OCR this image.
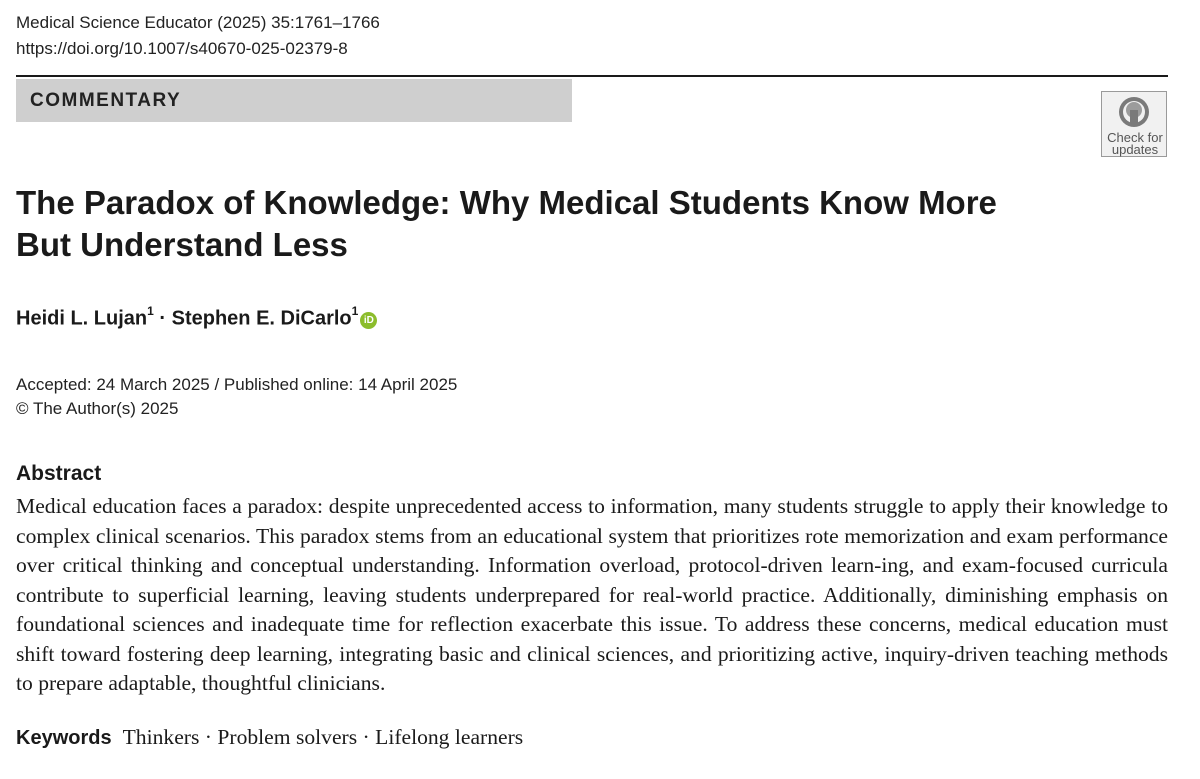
Medical Science Educator (2025) 35:1761–1766
https://doi.org/10.1007/s40670-025-02379-8
COMMENTARY
Check for
updates
The Paradox of Knowledge: Why Medical Students Know More But Understand Less
Heidi L. Lujan$^1$ · Stephen E. DiCarlo$^1$iD
Accepted: 24 March 2025 / Published online: 14 April 2025
© The Author(s) 2025
Abstract

Medical education faces a paradox: despite unprecedented access to information, many students struggle to apply their knowledge to complex clinical scenarios. This paradox stems from an educational system that prioritizes rote memorization and exam performance over critical thinking and conceptual understanding. Information overload, protocol-driven learn-ing, and exam-focused curricula contribute to superficial learning, leaving students underprepared for real-world practice. Additionally, diminishing emphasis on foundational sciences and inadequate time for reflection exacerbate this issue. To address these concerns, medical education must shift toward fostering deep learning, integrating basic and clinical sciences, and prioritizing active, inquiry-driven teaching methods to prepare adaptable, thoughtful clinicians.

Keywords Thinkers · Problem solvers · Lifelong learners
